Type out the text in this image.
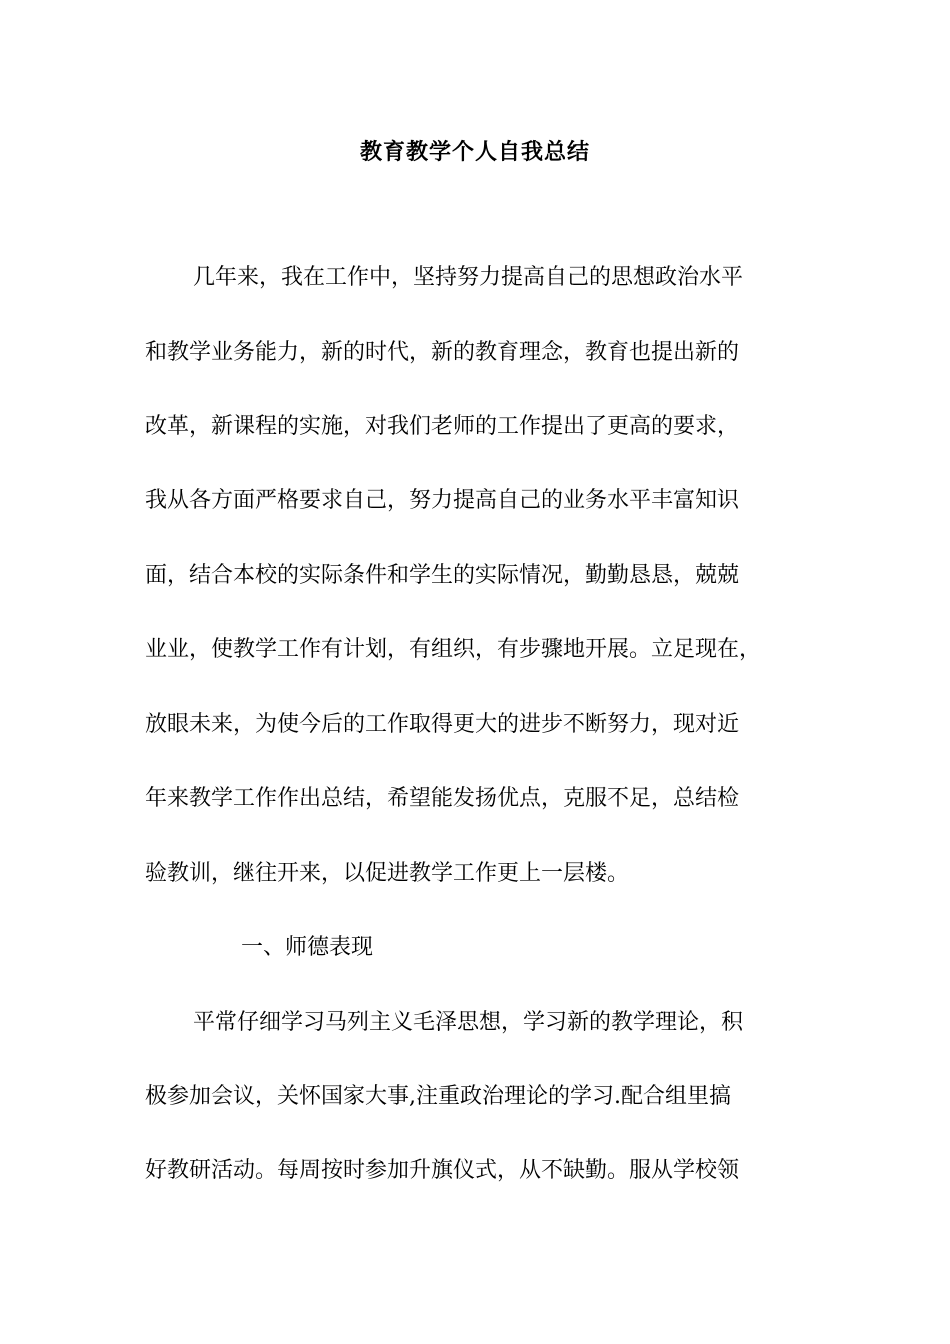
教育教学个人自我总结
几年来，我在工作中，坚持努力提高自己的思想政治水平
和教学业务能力，新的时代，新的教育理念，教育也提出新的
改革，新课程的实施，对我们老师的工作提出了更高的要求，
我从各方面严格要求自己，努力提高自己的业务水平丰富知识
面，结合本校的实际条件和学生的实际情况，勤勤恳恳，兢兢
业业，使教学工作有计划，有组织，有步骤地开展。立足现在，
放眼未来，为使今后的工作取得更大的进步不断努力，现对近
年来教学工作作出总结，希望能发扬优点，克服不足，总结检
验教训，继往开来，以促进教学工作更上一层楼。
一、师德表现
平常仔细学习马列主义毛泽思想，学习新的教学理论，积
极参加会议，关怀国家大事,注重政治理论的学习.配合组里搞
好教研活动。每周按时参加升旗仪式，从不缺勤。服从学校领
